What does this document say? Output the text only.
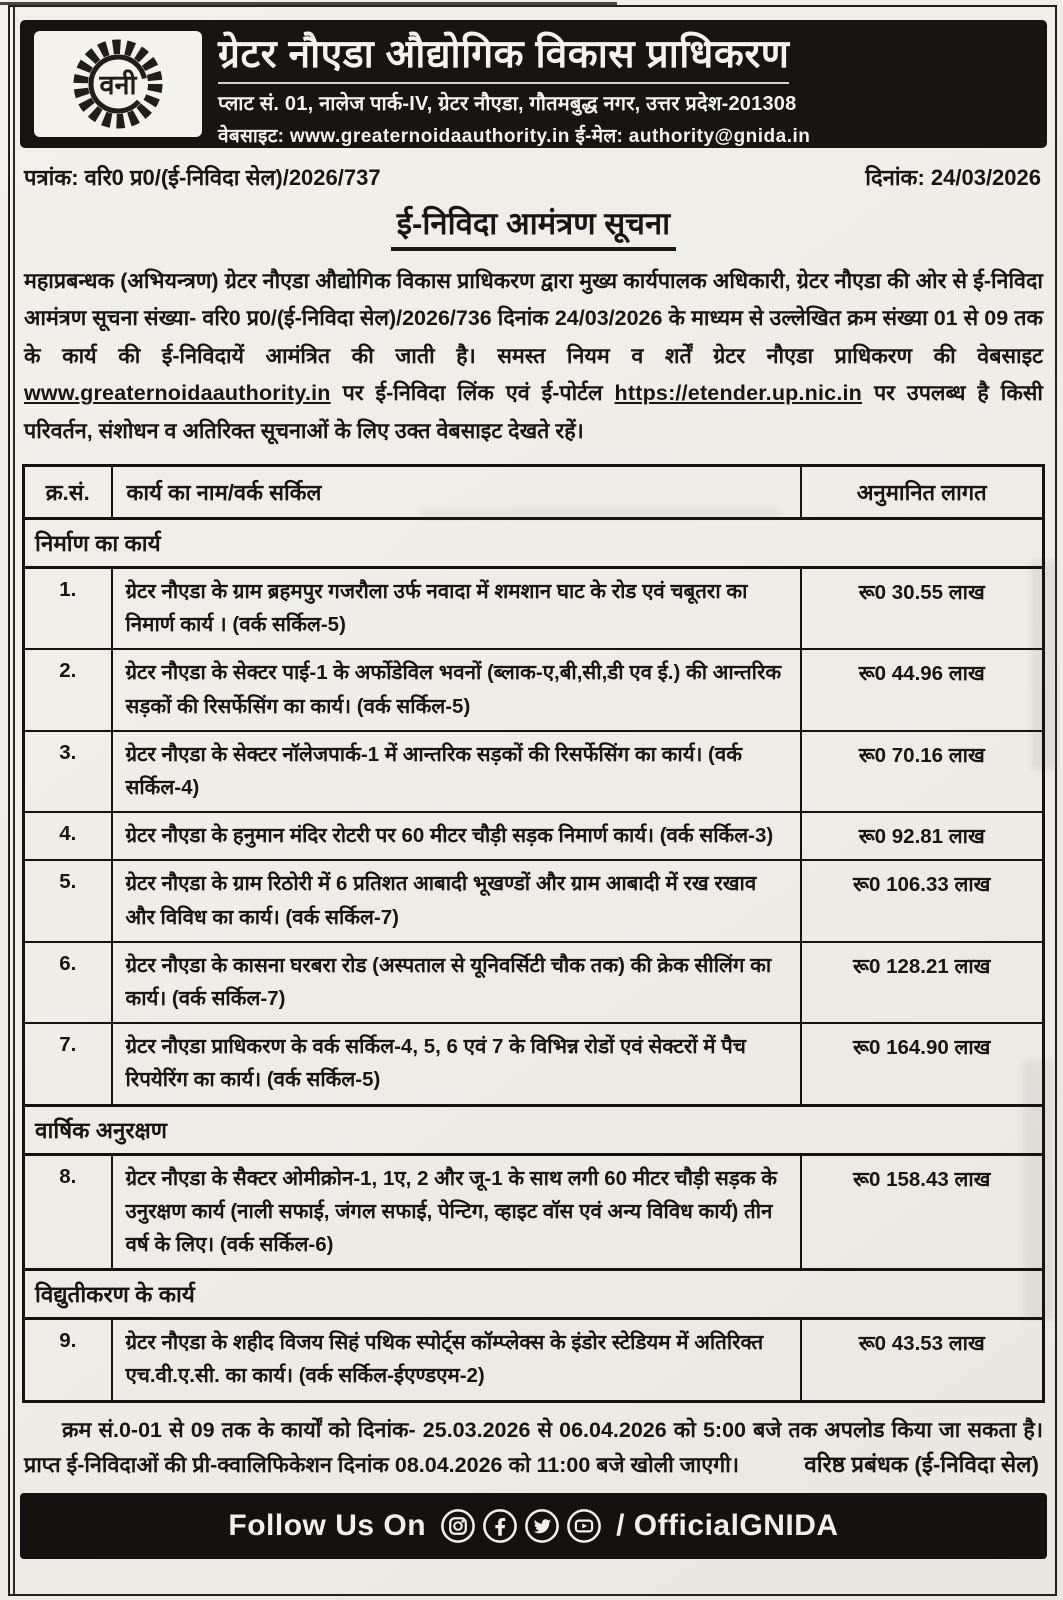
वनी
ग्रेटर नौएडा औद्योगिक विकास प्राधिकरण
प्लाट सं. 01, नालेज पार्क-IV, ग्रेटर नौएडा, गौतमबुद्ध नगर, उत्तर प्रदेश-201308
वेबसाइट: www.greaternoidaauthority.in ई-मेल: authority@gnida.in
पत्रांक: वरि0 प्र0/(ई-निविदा सेल)/2026/737	दिनांक: 24/03/2026
ई-निविदा आमंत्रण सूचना

महाप्रबन्धक (अभियन्त्रण) ग्रेटर नौएडा औद्योगिक विकास प्राधिकरण द्वारा मुख्य कार्यपालक अधिकारी, ग्रेटर नौएडा की ओर से ई-निविदा आमंत्रण सूचना संख्या- वरि0 प्र0/(ई-निविदा सेल)/2026/736 दिनांक 24/03/2026 के माध्यम से उल्लेखित क्रम संख्या 01 से 09 तक के कार्य की ई-निविदायें आमंत्रित की जाती है। समस्त नियम व शर्तें ग्रेटर नौएडा प्राधिकरण की वेबसाइट www.greaternoidaauthority.in पर ई-निविदा लिंक एवं ई-पोर्टल https://etender.up.nic.in पर उपलब्ध है किसी परिवर्तन, संशोधन व अतिरिक्त सूचनाओं के लिए उक्त वेबसाइट देखते रहें।

क्र.सं.	कार्य का नाम/वर्क सर्किल	अनुमानित लागत
निर्माण का कार्य		
1.	ग्रेटर नौएडा के ग्राम ब्रहमपुर गजरौला उर्फ नवादा में शमशान घाट के रोड एवं चबूतरा का निमार्ण कार्य । (वर्क सर्किल-5)	रू0 30.55 लाख
2.	ग्रेटर नौएडा के सेक्टर पाई-1 के अर्फोडेविल भवनों (ब्लाक-ए,बी,सी,डी एव ई.) की आन्तरिक सड़कों की रिसर्फेसिंग का कार्य। (वर्क सर्किल-5)	रू0 44.96 लाख
3.	ग्रेटर नौएडा के सेक्टर नॉलेजपार्क-1 में आन्तरिक सड़कों की रिसर्फेसिंग का कार्य। (वर्क सर्किल-4)	रू0 70.16 लाख
4.	ग्रेटर नौएडा के हनुमान मंदिर रोटरी पर 60 मीटर चौड़ी सड़क निमार्ण कार्य। (वर्क सर्किल-3)	रू0 92.81 लाख
5.	ग्रेटर नौएडा के ग्राम रिठोरी में 6 प्रतिशत आबादी भूखण्डों और ग्राम आबादी में रख रखाव और विविध का कार्य। (वर्क सर्किल-7)	रू0 106.33 लाख
6.	ग्रेटर नौएडा के कासना घरबरा रोड (अस्पताल से यूनिवर्सिटी चौक तक) की क्रेक सीलिंग का कार्य। (वर्क सर्किल-7)	रू0 128.21 लाख
7.	ग्रेटर नौएडा प्राधिकरण के वर्क सर्किल-4, 5, 6 एवं 7 के विभिन्न रोडों एवं सेक्टरों में पैच रिपयेरिंग का कार्य। (वर्क सर्किल-5)	रू0 164.90 लाख
वार्षिक अनुरक्षण		
8.	ग्रेटर नौएडा के सैक्टर ओमीक्रोन-1, 1ए, 2 और जू-1 के साथ लगी 60 मीटर चौड़ी सड़क के उनुरक्षण कार्य (नाली सफाई, जंगल सफाई, पेन्टिग, व्हाइट वॉस एवं अन्य विविध कार्य) तीन वर्ष के लिए। (वर्क सर्किल-6)	रू0 158.43 लाख
विद्युतीकरण के कार्य		
9.	ग्रेटर नौएडा के शहीद विजय सिहं पथिक स्पोर्ट्स कॉम्प्लेक्स के इंडोर स्टेडियम में अतिरिक्त एच.वी.ए.सी. का कार्य। (वर्क सर्किल-ईएण्डएम-2)	रू0 43.53 लाख

क्रम सं.0-01 से 09 तक के कार्यों को दिनांक- 25.03.2026 से 06.04.2026 को 5:00 बजे तक अपलोड किया जा सकता है। प्राप्त ई-निविदाओं की प्री-क्वालिफिकेशन दिनांक 08.04.2026 को 11:00 बजे खोली जाएगी।	वरिष्ठ प्रबंधक (ई-निविदा सेल)
Follow Us On	/ OfficialGNIDA
